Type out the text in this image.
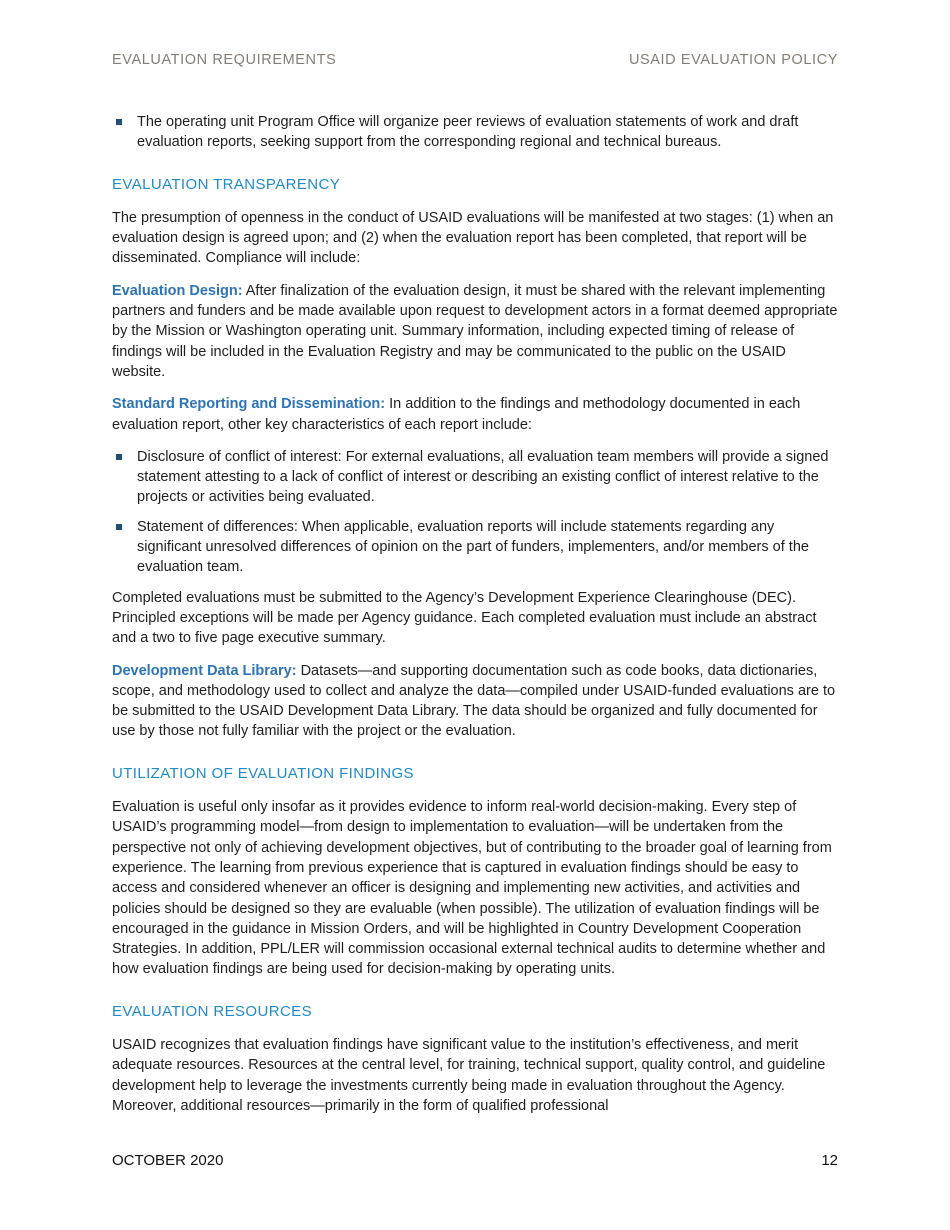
EVALUATION REQUIREMENTS	USAID EVALUATION POLICY
The operating unit Program Office will organize peer reviews of evaluation statements of work and draft evaluation reports, seeking support from the corresponding regional and technical bureaus.
EVALUATION TRANSPARENCY

The presumption of openness in the conduct of USAID evaluations will be manifested at two stages: (1) when an evaluation design is agreed upon; and (2) when the evaluation report has been completed, that report will be disseminated. Compliance will include:

Evaluation Design: After finalization of the evaluation design, it must be shared with the relevant implementing partners and funders and be made available upon request to development actors in a format deemed appropriate by the Mission or Washington operating unit. Summary information, including expected timing of release of findings will be included in the Evaluation Registry and may be communicated to the public on the USAID website.

Standard Reporting and Dissemination: In addition to the findings and methodology documented in each evaluation report, other key characteristics of each report include:

Disclosure of conflict of interest: For external evaluations, all evaluation team members will provide a signed statement attesting to a lack of conflict of interest or describing an existing conflict of interest relative to the projects or activities being evaluated.
Statement of differences: When applicable, evaluation reports will include statements regarding any significant unresolved differences of opinion on the part of funders, implementers, and/or members of the evaluation team.

Completed evaluations must be submitted to the Agency’s Development Experience Clearinghouse (DEC). Principled exceptions will be made per Agency guidance. Each completed evaluation must include an abstract and a two to five page executive summary.

Development Data Library: Datasets—and supporting documentation such as code books, data dictionaries, scope, and methodology used to collect and analyze the data—compiled under USAID-funded evaluations are to be submitted to the USAID Development Data Library. The data should be organized and fully documented for use by those not fully familiar with the project or the evaluation.

UTILIZATION OF EVALUATION FINDINGS

Evaluation is useful only insofar as it provides evidence to inform real-world decision-making. Every step of USAID’s programming model—from design to implementation to evaluation—will be undertaken from the perspective not only of achieving development objectives, but of contributing to the broader goal of learning from experience. The learning from previous experience that is captured in evaluation findings should be easy to access and considered whenever an officer is designing and implementing new activities, and activities and policies should be designed so they are evaluable (when possible). The utilization of evaluation findings will be encouraged in the guidance in Mission Orders, and will be highlighted in Country Development Cooperation Strategies. In addition, PPL/LER will commission occasional external technical audits to determine whether and how evaluation findings are being used for decision-making by operating units.

EVALUATION RESOURCES

USAID recognizes that evaluation findings have significant value to the institution’s effectiveness, and merit adequate resources. Resources at the central level, for training, technical support, quality control, and guideline development help to leverage the investments currently being made in evaluation throughout the Agency. Moreover, additional resources—primarily in the form of qualified professional

OCTOBER 2020	12
